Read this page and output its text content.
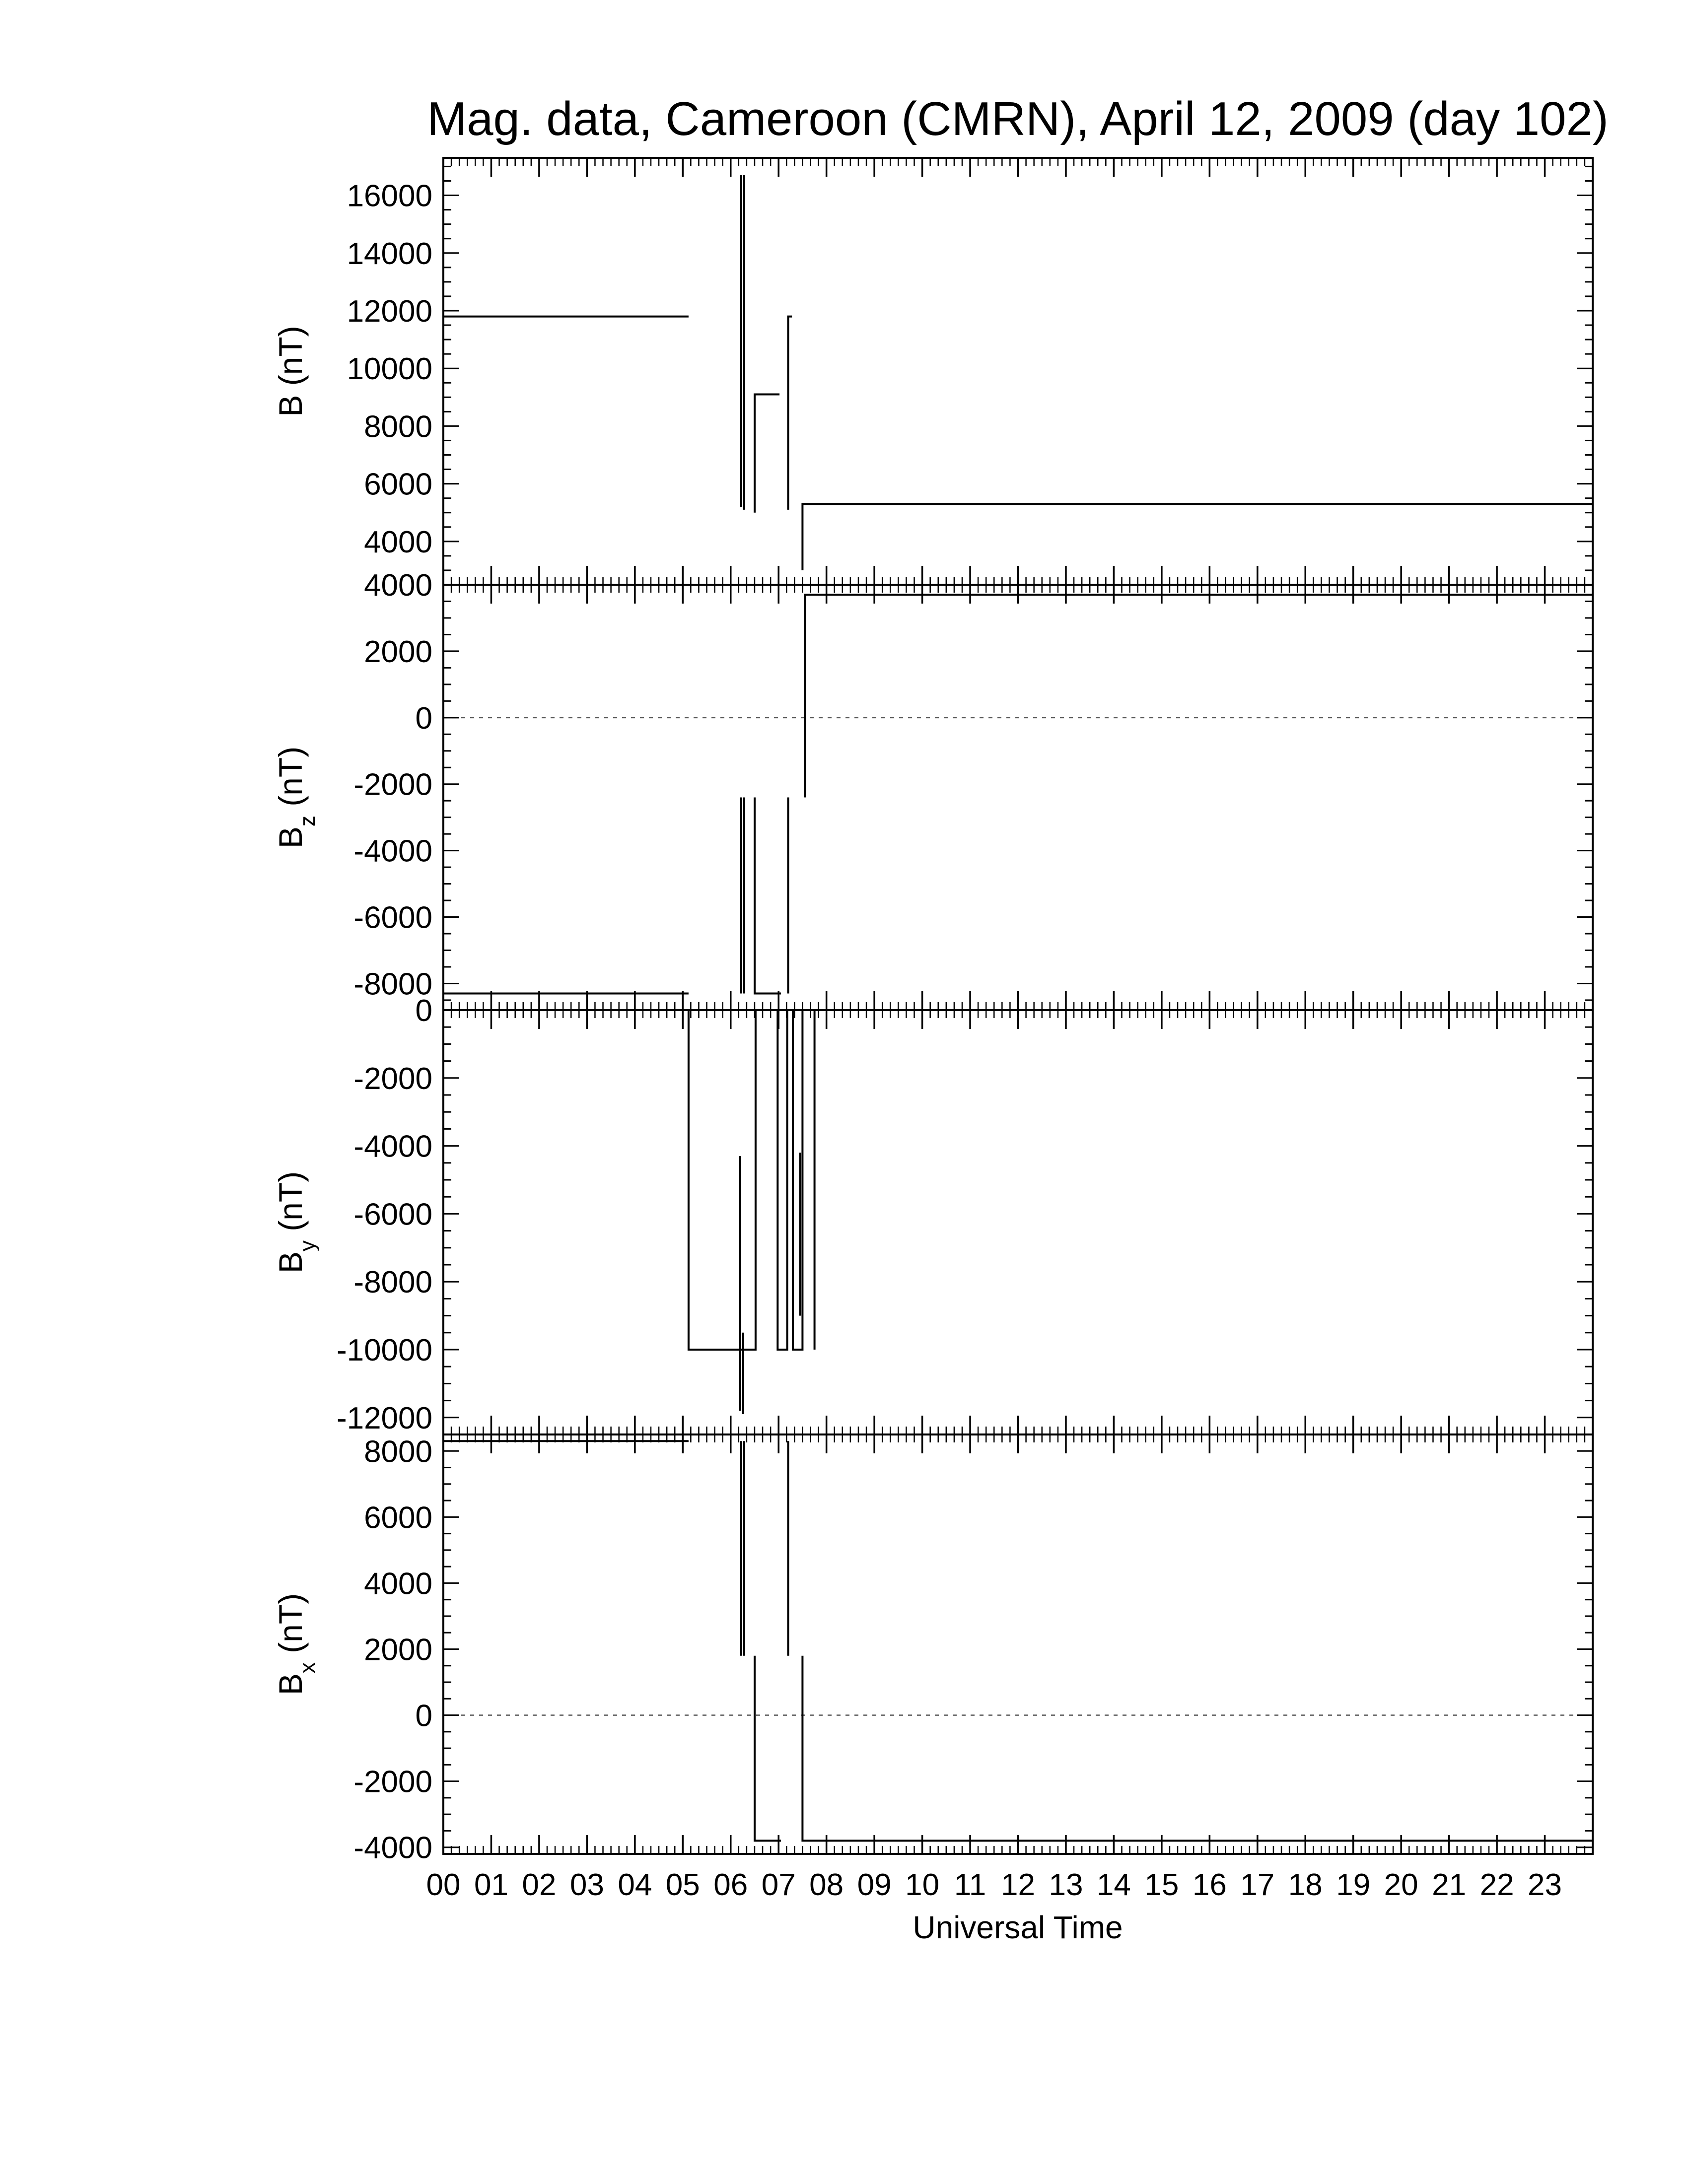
Mag. data, Cameroon (CMRN), April 12, 2009 (day 102)
4000
6000
8000
10000
12000
14000
16000
B (nT)
-8000
-6000
-4000
-2000
0
2000
4000
$B_z$ (nT)
-12000
-10000
-8000
-6000
-4000
-2000
0
$B_y$ (nT)
-4000
-2000
0
2000
4000
6000
8000
$B_x$ (nT)
00 01 02 03 04 05 06 07 08 09 10 11 12 13 14 15 16 17 18 19 20 21 22 23
Universal Time
